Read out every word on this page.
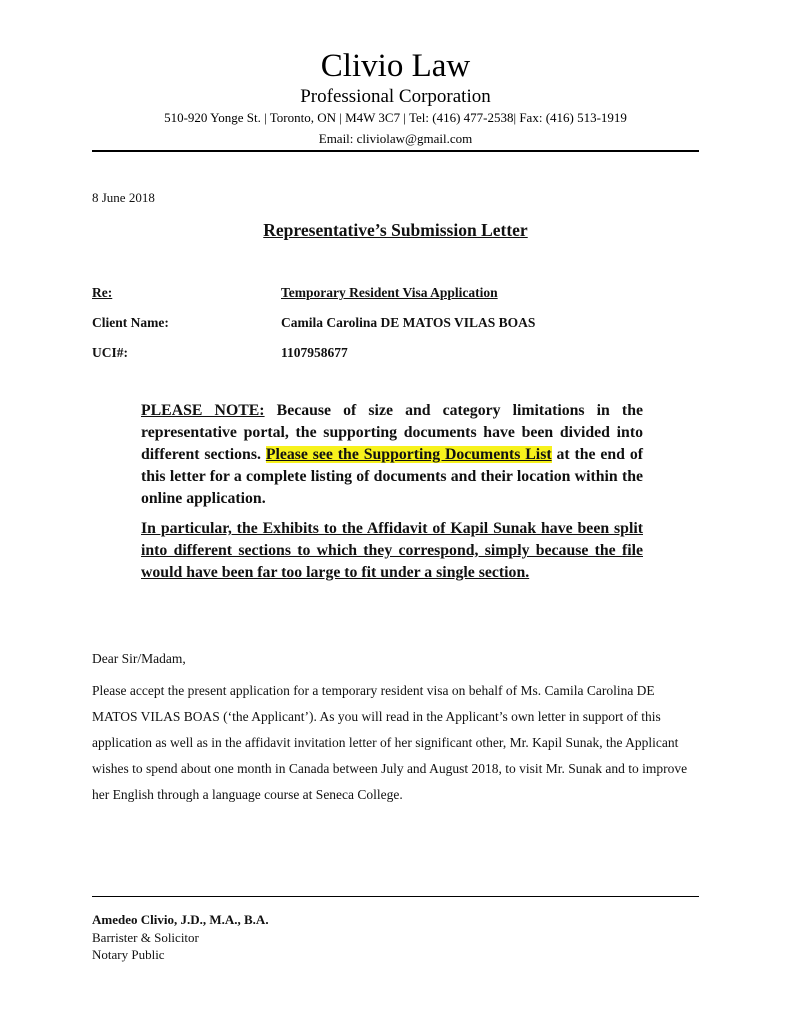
Clivio Law
Professional Corporation
510-920 Yonge St. | Toronto, ON | M4W 3C7 | Tel: (416) 477-2538| Fax: (416) 513-1919
Email: cliviolaw@gmail.com
8 June 2018
Representative’s Submission Letter
Re:	Temporary Resident Visa Application
Client Name:	Camila Carolina DE MATOS VILAS BOAS
UCI#:	1107958677

PLEASE NOTE: Because of size and category limitations in the representative portal, the supporting documents have been divided into different sections. Please see the Supporting Documents List at the end of this letter for a complete listing of documents and their location within the online application.

In particular, the Exhibits to the Affidavit of Kapil Sunak have been split into different sections to which they correspond, simply because the file would have been far too large to fit under a single section.

Dear Sir/Madam,

Please accept the present application for a temporary resident visa on behalf of Ms. Camila Carolina DE MATOS VILAS BOAS (‘the Applicant’). As you will read in the Applicant’s own letter in support of this application as well as in the affidavit invitation letter of her significant other, Mr. Kapil Sunak, the Applicant wishes to spend about one month in Canada between July and August 2018, to visit Mr. Sunak and to improve her English through a language course at Seneca College.

Amedeo Clivio, J.D., M.A., B.A.
Barrister & Solicitor
Notary Public
